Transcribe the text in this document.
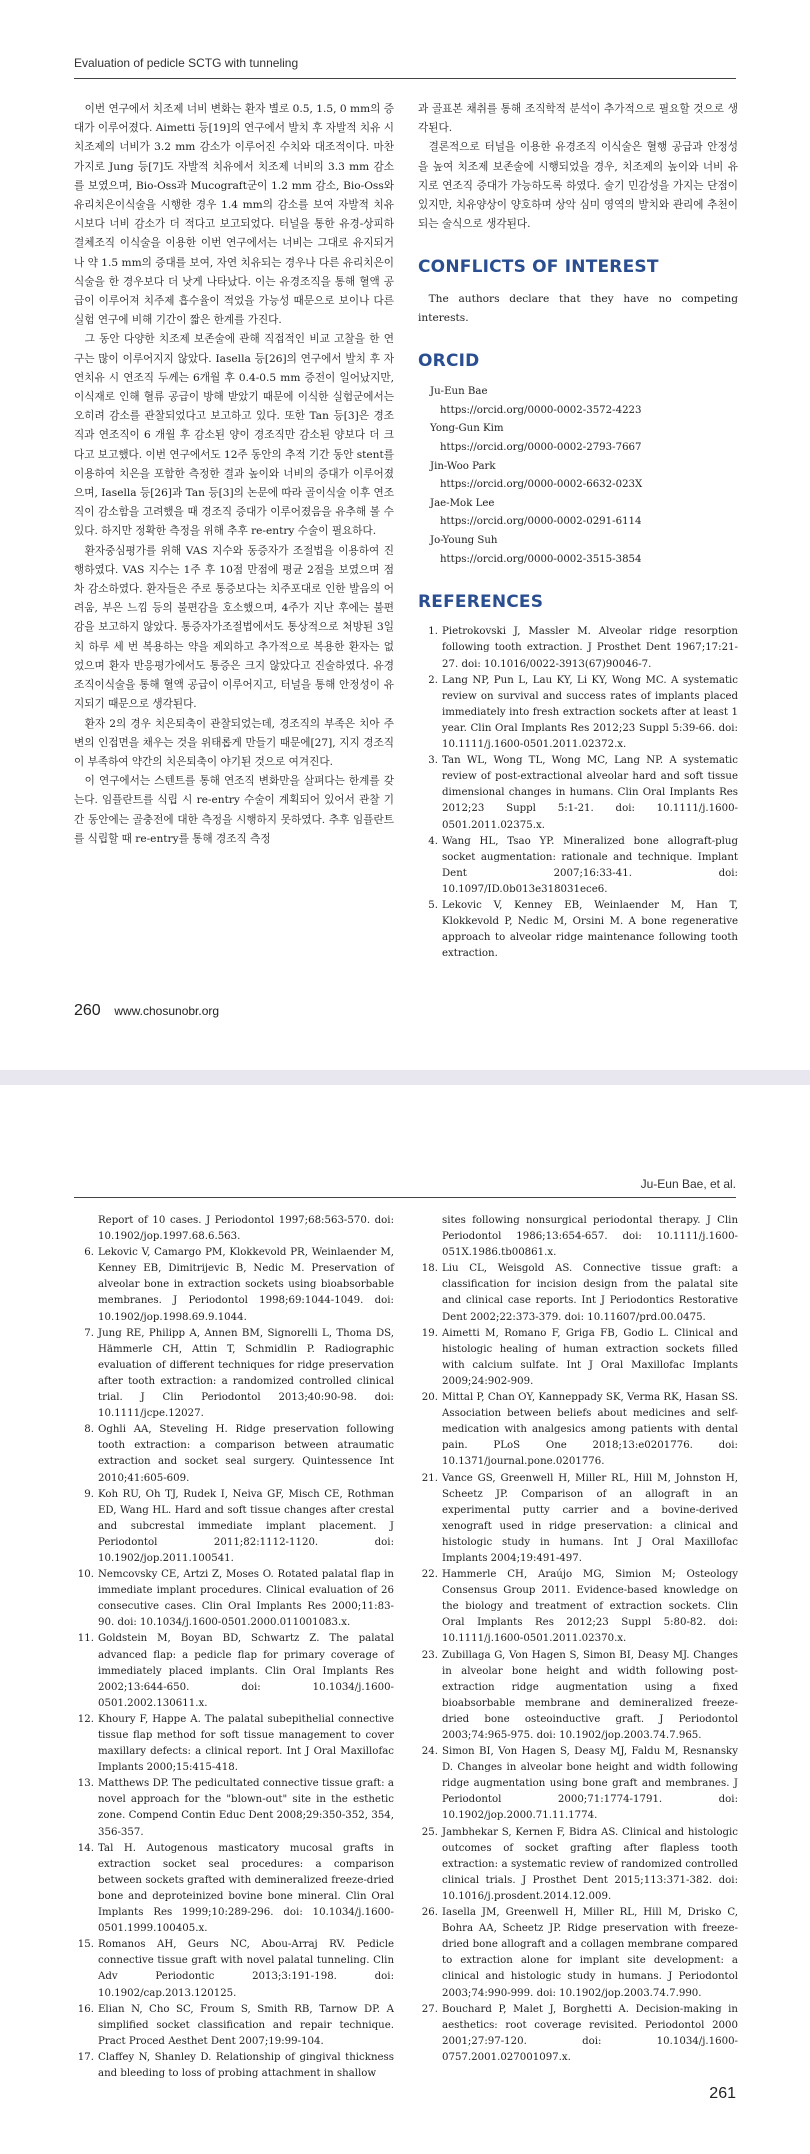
Evaluation of pedicle SCTG with tunneling

이번 연구에서 치조제 너비 변화는 환자 별로 0.5, 1.5, 0 mm의 증대가 이루어졌다. Aimetti 등[19]의 연구에서 발치 후 자발적 치유 시 치조제의 너비가 3.2 mm 감소가 이루어진 수치와 대조적이다. 마찬가지로 Jung 등[7]도 자발적 치유에서 치조제 너비의 3.3 mm 감소를 보였으며, Bio-Oss과 Mucograft군이 1.2 mm 감소, Bio-Oss와 유리치은이식술을 시행한 경우 1.4 mm의 감소를 보여 자발적 치유 시보다 너비 감소가 더 적다고 보고되었다. 터널을 통한 유경-상피하 결체조직 이식술을 이용한 이번 연구에서는 너비는 그대로 유지되거나 약 1.5 mm의 증대를 보여, 자연 치유되는 경우나 다른 유리치은이식술을 한 경우보다 더 낫게 나타났다. 이는 유경조직을 통해 혈액 공급이 이루어져 치주제 흡수율이 적었을 가능성 때문으로 보이나 다른 실험 연구에 비해 기간이 짧은 한계를 가진다.

그 동안 다양한 치조제 보존술에 관해 직접적인 비교 고찰을 한 연구는 많이 이루어지지 않았다. Iasella 등[26]의 연구에서 발치 후 자연치유 시 연조직 두께는 6개월 후 0.4-0.5 mm 증전이 일어났지만, 이식재로 인해 혈류 공급이 방해 받았기 때문에 이식한 실험군에서는 오히려 감소를 관찰되었다고 보고하고 있다. 또한 Tan 등[3]은 경조직과 연조직이 6 개월 후 감소된 양이 경조직만 감소된 양보다 더 크다고 보고했다. 이번 연구에서도 12주 동안의 추적 기간 동안 stent를 이용하여 치은을 포함한 측정한 결과 높이와 너비의 증대가 이루어졌으며, Iasella 등[26]과 Tan 등[3]의 논문에 따라 골이식술 이후 연조직이 감소함을 고려했을 때 경조직 증대가 이루어졌음을 유추해 볼 수 있다. 하지만 정확한 측정을 위해 추후 re-entry 수술이 필요하다.

환자중심평가를 위해 VAS 지수와 동증자가 조절법을 이용하여 진행하였다. VAS 지수는 1주 후 10점 만점에 평균 2점을 보였으며 점차 감소하였다. 환자들은 주로 통증보다는 치주포대로 인한 발음의 어려움, 부은 느낌 등의 불편감을 호소했으며, 4주가 지난 후에는 불편감을 보고하지 않았다. 통증자가조절법에서도 통상적으로 처방된 3일치 하루 세 번 복용하는 약을 제외하고 추가적으로 복용한 환자는 없었으며 환자 반응평가에서도 통증은 크지 않았다고 진술하였다. 유경조직이식술을 통해 혈액 공급이 이루어지고, 터널을 통해 안정성이 유지되기 때문으로 생각된다.

환자 2의 경우 치은퇴축이 관찰되었는데, 경조직의 부족은 치아 주변의 인접면을 채우는 것을 위태롭게 만들기 때문에[27], 지지 경조직이 부족하여 약간의 치은퇴축이 야기된 것으로 여겨진다.

이 연구에서는 스텐트를 통해 연조직 변화만을 살펴다는 한계를 갖는다. 임플란트를 식립 시 re-entry 수술이 계획되어 있어서 관찰 기간 동안에는 골충전에 대한 측정을 시행하지 못하였다. 추후 임플란트를 식립할 때 re-entry를 통해 경조직 측정

과 골표본 채취를 통해 조직학적 분석이 추가적으로 필요할 것으로 생각된다.

결론적으로 터널을 이용한 유경조직 이식술은 혈행 공급과 안정성을 높여 치조제 보존술에 시행되었을 경우, 치조제의 높이와 너비 유지로 연조직 증대가 가능하도록 하였다. 술기 민감성을 가지는 단점이 있지만, 치유양상이 양호하며 상악 심미 영역의 발치와 관리에 추천이 되는 술식으로 생각된다.

CONFLICTS OF INTEREST

The authors declare that they have no competing interests.

ORCID
Ju-Eun Bae
https://orcid.org/0000-0002-3572-4223
Yong-Gun Kim
https://orcid.org/0000-0002-2793-7667
Jin-Woo Park
https://orcid.org/0000-0002-6632-023X
Jae-Mok Lee
https://orcid.org/0000-0002-0291-6114
Jo-Young Suh
https://orcid.org/0000-0002-3515-3854
REFERENCES
1. Pietrokovski J, Massler M. Alveolar ridge resorption following tooth extraction. J Prosthet Dent 1967;17:21-27. doi: 10.1016/0022-3913(67)90046-7.
2. Lang NP, Pun L, Lau KY, Li KY, Wong MC. A systematic review on survival and success rates of implants placed immediately into fresh extraction sockets after at least 1 year. Clin Oral Implants Res 2012;23 Suppl 5:39-66. doi: 10.1111/j.1600-0501.2011.02372.x.
3. Tan WL, Wong TL, Wong MC, Lang NP. A systematic review of post-extractional alveolar hard and soft tissue dimensional changes in humans. Clin Oral Implants Res 2012;23 Suppl 5:1-21. doi: 10.1111/j.1600-0501.2011.02375.x.
4. Wang HL, Tsao YP. Mineralized bone allograft-plug socket augmentation: rationale and technique. Implant Dent 2007;16:33-41. doi: 10.1097/ID.0b013e318031ece6.
5. Lekovic V, Kenney EB, Weinlaender M, Han T, Klokkevold P, Nedic M, Orsini M. A bone regenerative approach to alveolar ridge maintenance following tooth extraction.
260 www.chosunobr.org
Ju-Eun Bae, et al.
Report of 10 cases. J Periodontol 1997;68:563-570. doi: 10.1902/jop.1997.68.6.563.
6. Lekovic V, Camargo PM, Klokkevold PR, Weinlaender M, Kenney EB, Dimitrijevic B, Nedic M. Preservation of alveolar bone in extraction sockets using bioabsorbable membranes. J Periodontol 1998;69:1044-1049. doi: 10.1902/jop.1998.69.9.1044.
7. Jung RE, Philipp A, Annen BM, Signorelli L, Thoma DS, Hämmerle CH, Attin T, Schmidlin P. Radiographic evaluation of different techniques for ridge preservation after tooth extraction: a randomized controlled clinical trial. J Clin Periodontol 2013;40:90-98. doi: 10.1111/jcpe.12027.
8. Oghli AA, Steveling H. Ridge preservation following tooth extraction: a comparison between atraumatic extraction and socket seal surgery. Quintessence Int 2010;41:605-609.
9. Koh RU, Oh TJ, Rudek I, Neiva GF, Misch CE, Rothman ED, Wang HL. Hard and soft tissue changes after crestal and subcrestal immediate implant placement. J Periodontol 2011;82:1112-1120. doi: 10.1902/jop.2011.100541.
10. Nemcovsky CE, Artzi Z, Moses O. Rotated palatal flap in immediate implant procedures. Clinical evaluation of 26 consecutive cases. Clin Oral Implants Res 2000;11:83-90. doi: 10.1034/j.1600-0501.2000.011001083.x.
11. Goldstein M, Boyan BD, Schwartz Z. The palatal advanced flap: a pedicle flap for primary coverage of immediately placed implants. Clin Oral Implants Res 2002;13:644-650. doi: 10.1034/j.1600-0501.2002.130611.x.
12. Khoury F, Happe A. The palatal subepithelial connective tissue flap method for soft tissue management to cover maxillary defects: a clinical report. Int J Oral Maxillofac Implants 2000;15:415-418.
13. Matthews DP. The pedicultated connective tissue graft: a novel approach for the "blown-out" site in the esthetic zone. Compend Contin Educ Dent 2008;29:350-352, 354, 356-357.
14. Tal H. Autogenous masticatory mucosal grafts in extraction socket seal procedures: a comparison between sockets grafted with demineralized freeze-dried bone and deproteinized bovine bone mineral. Clin Oral Implants Res 1999;10:289-296. doi: 10.1034/j.1600-0501.1999.100405.x.
15. Romanos AH, Geurs NC, Abou-Arraj RV. Pedicle connective tissue graft with novel palatal tunneling. Clin Adv Periodontic 2013;3:191-198. doi: 10.1902/cap.2013.120125.
16. Elian N, Cho SC, Froum S, Smith RB, Tarnow DP. A simplified socket classification and repair technique. Pract Proced Aesthet Dent 2007;19:99-104.
17. Claffey N, Shanley D. Relationship of gingival thickness and bleeding to loss of probing attachment in shallow
sites following nonsurgical periodontal therapy. J Clin Periodontol 1986;13:654-657. doi: 10.1111/j.1600-051X.1986.tb00861.x.
18. Liu CL, Weisgold AS. Connective tissue graft: a classification for incision design from the palatal site and clinical case reports. Int J Periodontics Restorative Dent 2002;22:373-379. doi: 10.11607/prd.00.0475.
19. Aimetti M, Romano F, Griga FB, Godio L. Clinical and histologic healing of human extraction sockets filled with calcium sulfate. Int J Oral Maxillofac Implants 2009;24:902-909.
20. Mittal P, Chan OY, Kanneppady SK, Verma RK, Hasan SS. Association between beliefs about medicines and self-medication with analgesics among patients with dental pain. PLoS One 2018;13:e0201776. doi: 10.1371/journal.pone.0201776.
21. Vance GS, Greenwell H, Miller RL, Hill M, Johnston H, Scheetz JP. Comparison of an allograft in an experimental putty carrier and a bovine-derived xenograft used in ridge preservation: a clinical and histologic study in humans. Int J Oral Maxillofac Implants 2004;19:491-497.
22. Hammerle CH, Araújo MG, Simion M; Osteology Consensus Group 2011. Evidence-based knowledge on the biology and treatment of extraction sockets. Clin Oral Implants Res 2012;23 Suppl 5:80-82. doi: 10.1111/j.1600-0501.2011.02370.x.
23. Zubillaga G, Von Hagen S, Simon BI, Deasy MJ. Changes in alveolar bone height and width following post-extraction ridge augmentation using a fixed bioabsorbable membrane and demineralized freeze-dried bone osteoinductive graft. J Periodontol 2003;74:965-975. doi: 10.1902/jop.2003.74.7.965.
24. Simon BI, Von Hagen S, Deasy MJ, Faldu M, Resnansky D. Changes in alveolar bone height and width following ridge augmentation using bone graft and membranes. J Periodontol 2000;71:1774-1791. doi: 10.1902/jop.2000.71.11.1774.
25. Jambhekar S, Kernen F, Bidra AS. Clinical and histologic outcomes of socket grafting after flapless tooth extraction: a systematic review of randomized controlled clinical trials. J Prosthet Dent 2015;113:371-382. doi: 10.1016/j.prosdent.2014.12.009.
26. Iasella JM, Greenwell H, Miller RL, Hill M, Drisko C, Bohra AA, Scheetz JP. Ridge preservation with freeze-dried bone allograft and a collagen membrane compared to extraction alone for implant site development: a clinical and histologic study in humans. J Periodontol 2003;74:990-999. doi: 10.1902/jop.2003.74.7.990.
27. Bouchard P, Malet J, Borghetti A. Decision-making in aesthetics: root coverage revisited. Periodontol 2000 2001;27:97-120. doi: 10.1034/j.1600-0757.2001.027001097.x.
261
